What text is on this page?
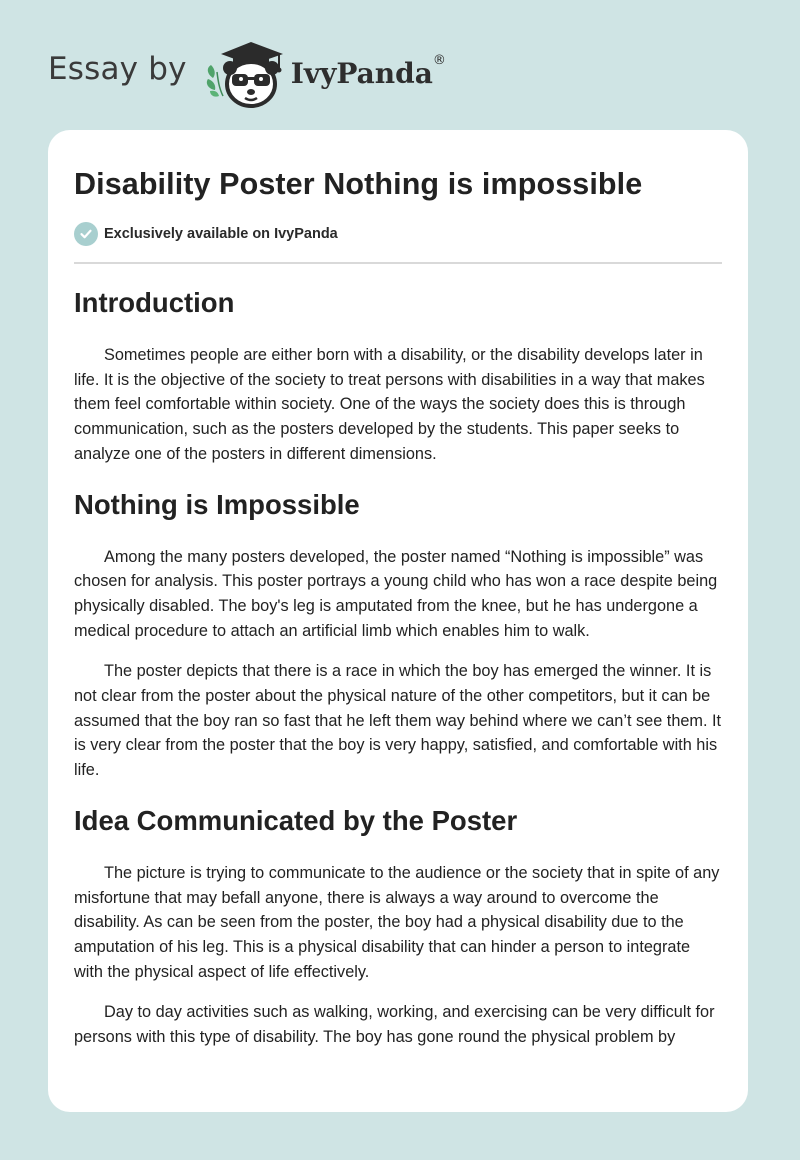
Essay by	IvyPanda®
Disability Poster Nothing is impossible
Exclusively available on IvyPanda
Introduction

Sometimes people are either born with a disability, or the disability develops later in life. It is the objective of the society to treat persons with disabilities in a way that makes them feel comfortable within society. One of the ways the society does this is through communication, such as the posters developed by the students. This paper seeks to analyze one of the posters in different dimensions.

Nothing is Impossible

Among the many posters developed, the poster named “Nothing is impossible” was chosen for analysis. This poster portrays a young child who has won a race despite being physically disabled. The boy's leg is amputated from the knee, but he has undergone a medical procedure to attach an artificial limb which enables him to walk.

The poster depicts that there is a race in which the boy has emerged the winner. It is not clear from the poster about the physical nature of the other competitors, but it can be assumed that the boy ran so fast that he left them way behind where we can’t see them. It is very clear from the poster that the boy is very happy, satisfied, and comfortable with his life.

Idea Communicated by the Poster

The picture is trying to communicate to the audience or the society that in spite of any misfortune that may befall anyone, there is always a way around to overcome the disability. As can be seen from the poster, the boy had a physical disability due to the amputation of his leg. This is a physical disability that can hinder a person to integrate with the physical aspect of life effectively.

Day to day activities such as walking, working, and exercising can be very difficult for persons with this type of disability. The boy has gone round the physical problem by
